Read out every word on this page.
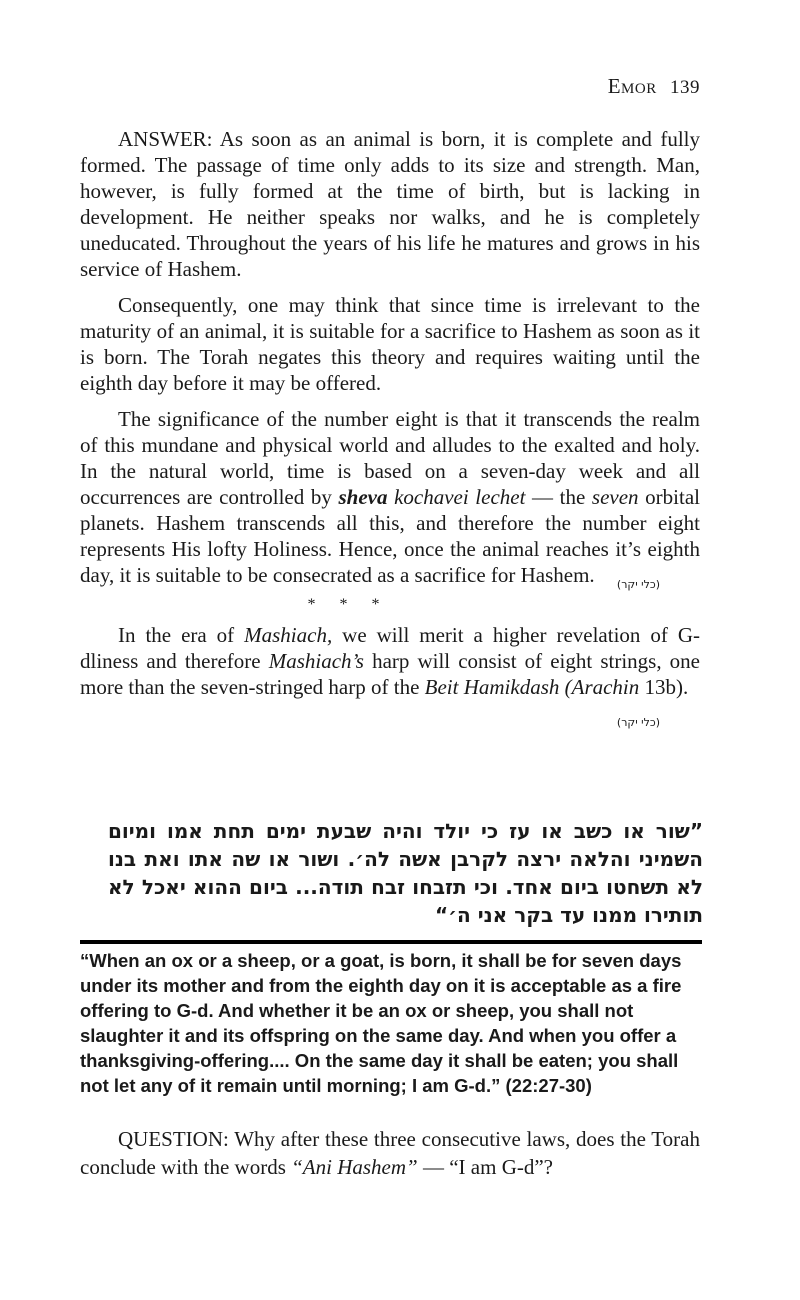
Emor 139

ANSWER: As soon as an animal is born, it is complete and fully formed. The passage of time only adds to its size and strength. Man, however, is fully formed at the time of birth, but is lacking in development. He neither speaks nor walks, and he is completely uneducated. Throughout the years of his life he matures and grows in his service of Hashem.

Consequently, one may think that since time is irrelevant to the maturity of an animal, it is suitable for a sacrifice to Hashem as soon as it is born. The Torah negates this theory and requires waiting until the eighth day before it may be offered.

The significance of the number eight is that it transcends the realm of this mundane and physical world and alludes to the exalted and holy. In the natural world, time is based on a seven-day week and all occurrences are controlled by sheva kochavei lechet — the seven orbital planets. Hashem transcends all this, and therefore the number eight represents His lofty Holiness. Hence, once the animal reaches it’s eighth day, it is suitable to be consecrated as a sacrifice for Hashem. (כלי יקר)

* * *

In the era of Mashiach, we will merit a higher revelation of G-dliness and therefore Mashiach’s harp will consist of eight strings, one more than the seven-stringed harp of the Beit Hamikdash (Arachin 13b).
(כלי יקר)

”שור או כשב או עז כי יולד והיה שבעת ימים תחת אמו ומיום השמיני והלאה ירצה לקרבן אשה לה׳. ושור או שה אתו ואת בנו לא תשחטו ביום אחד. וכי תזבחו זבח תודה... ביום ההוא יאכל לא תותירו ממנו עד בקר אני ה׳“
“When an ox or a sheep, or a goat, is born, it shall be for seven days under its mother and from the eighth day on it is acceptable as a fire offering to G-d. And whether it be an ox or sheep, you shall not slaughter it and its offspring on the same day. And when you offer a thanksgiving-offering.... On the same day it shall be eaten; you shall not let any of it remain until morning; I am G-d.” (22:27-30)

QUESTION: Why after these three consecutive laws, does the Torah conclude with the words “Ani Hashem” — “I am G-d”?
